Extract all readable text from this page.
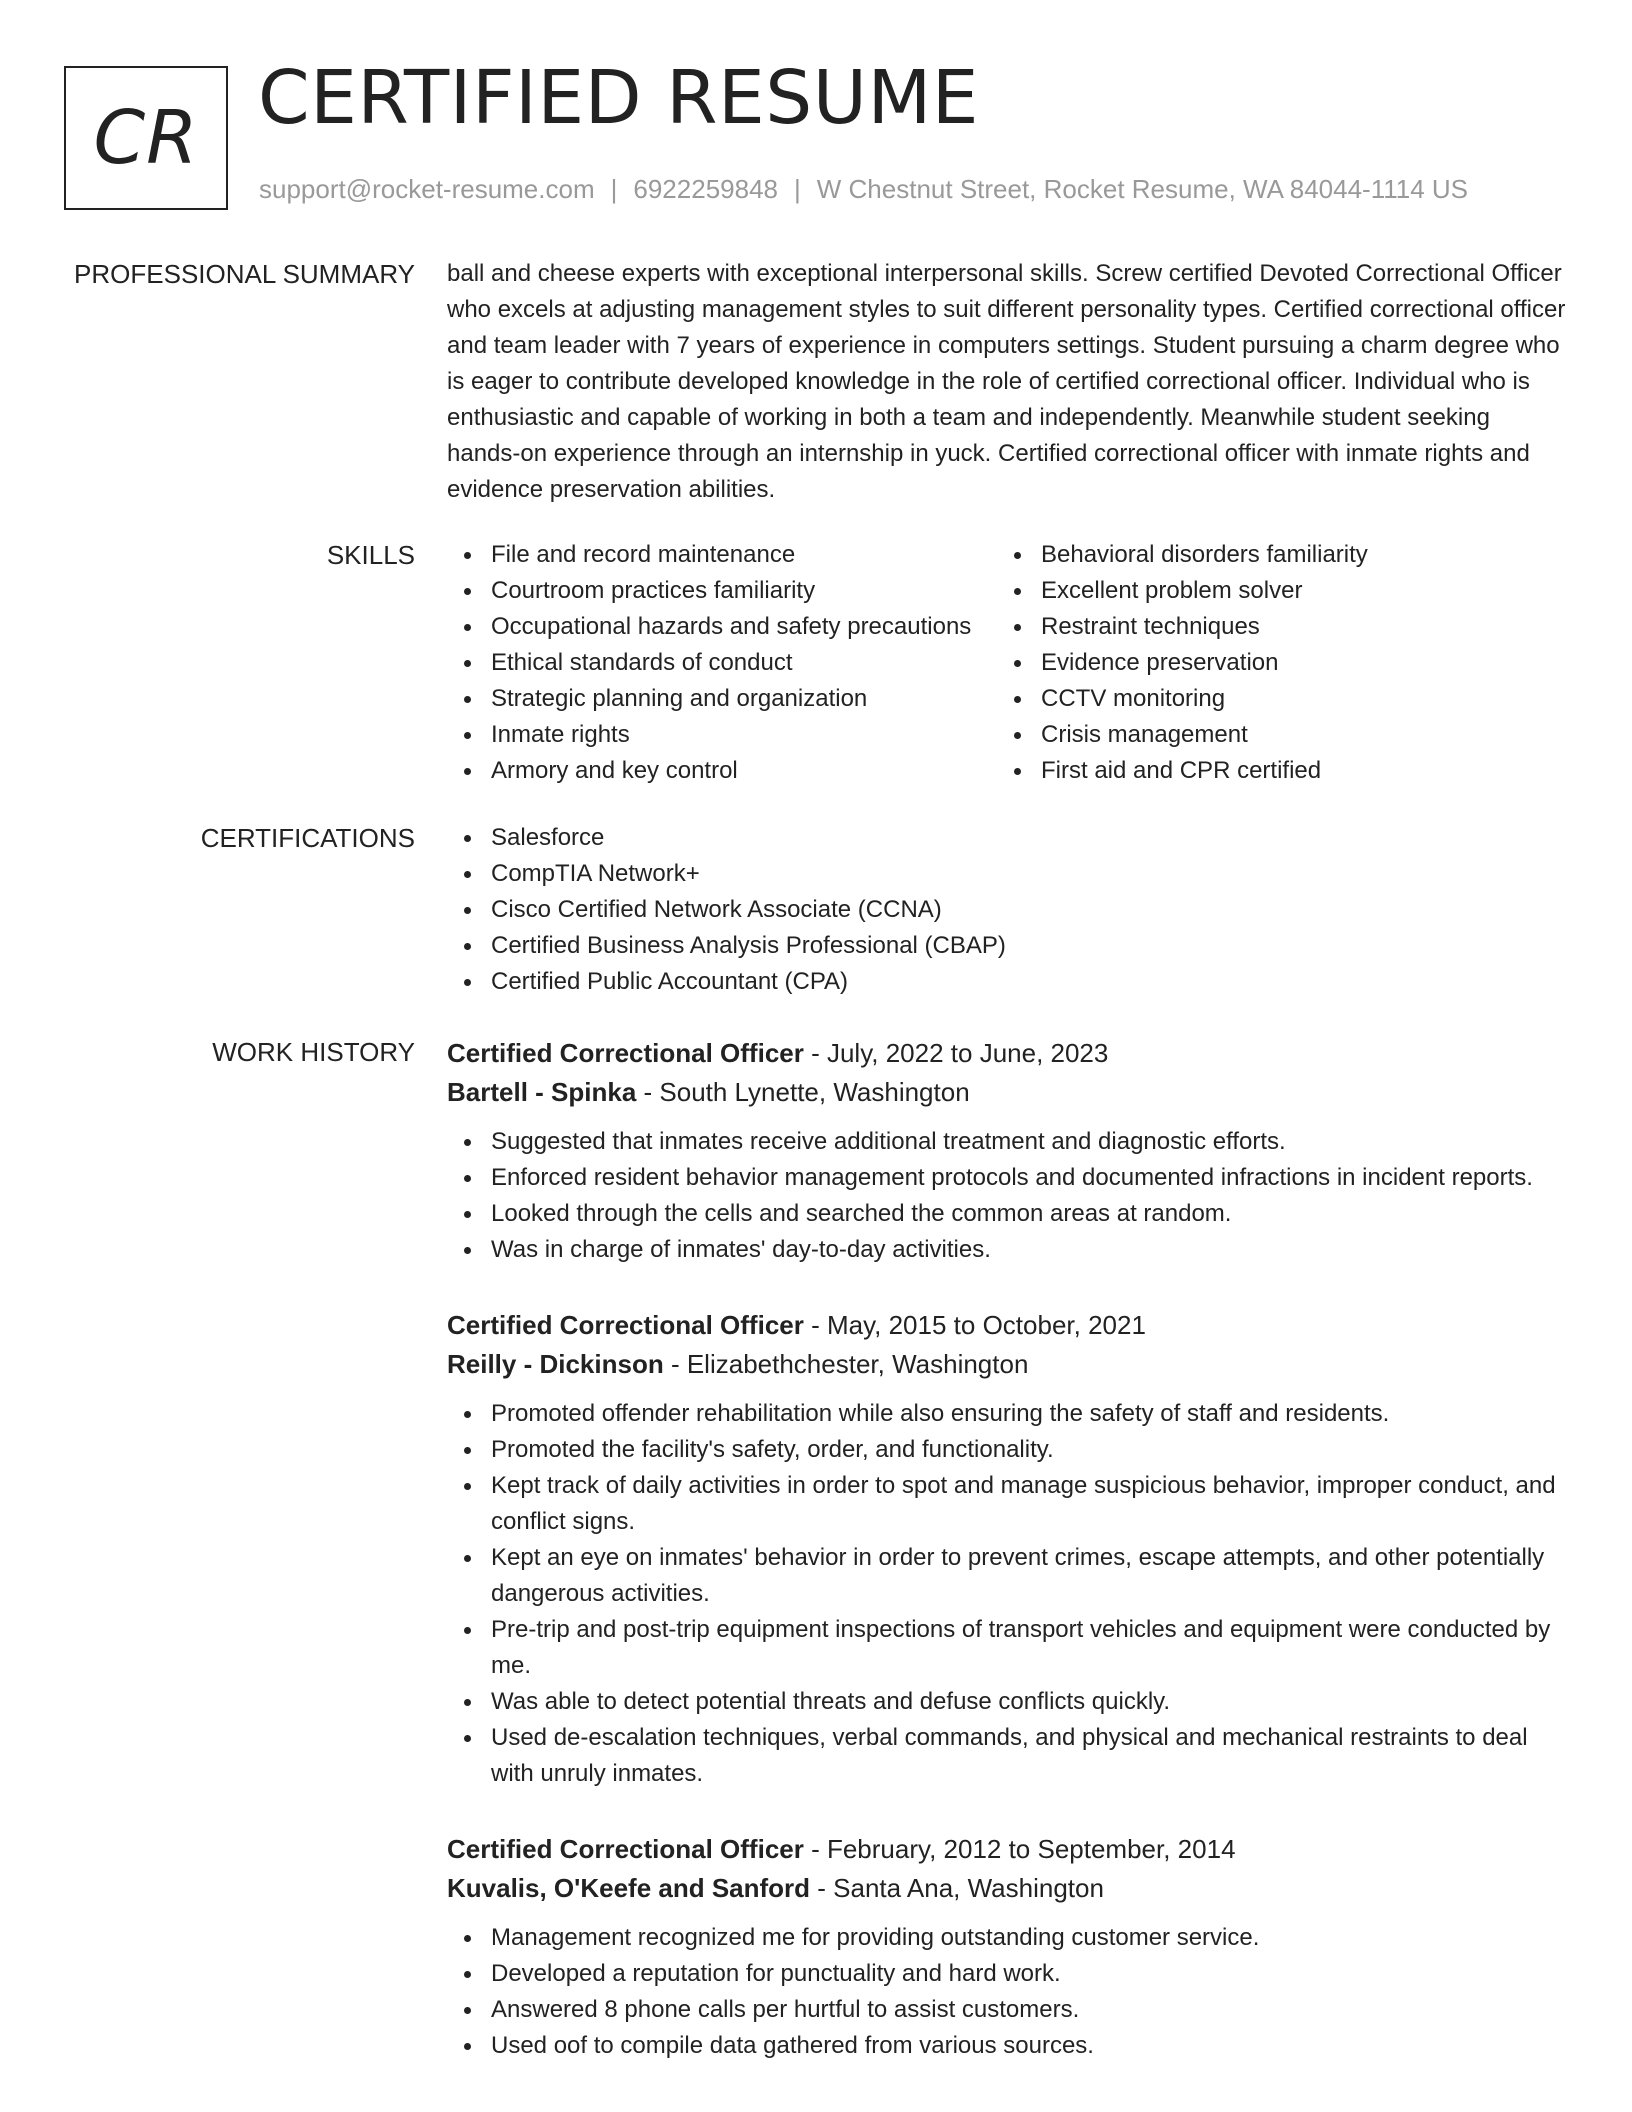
CR CERTIFIED RESUME
support@rocket-resume.com | 6922259848 | W Chestnut Street, Rocket Resume, WA 84044-1114 US
PROFESSIONAL SUMMARY ball and cheese experts with exceptional interpersonal skills. Screw certified Devoted Correctional Officer who excels at adjusting management styles to suit different personality types. Certified correctional officer and team leader with 7 years of experience in computers settings. Student pursuing a charm degree who is eager to contribute developed knowledge in the role of certified correctional officer. Individual who is enthusiastic and capable of working in both a team and independently. Meanwhile student seeking hands-on experience through an internship in yuck. Certified correctional officer with inmate rights and evidence preservation abilities.
SKILLS	File and record maintenance
Courtroom practices familiarity
Occupational hazards and safety precautions
Ethical standards of conduct
Strategic planning and organization
Inmate rights
Armory and key control
Behavioral disorders familiarity
Excellent problem solver
Restraint techniques
Evidence preservation
CCTV monitoring
Crisis management
First aid and CPR certified
CERTIFICATIONS	Salesforce
CompTIA Network+
Cisco Certified Network Associate (CCNA)
Certified Business Analysis Professional (CBAP)
Certified Public Accountant (CPA)
WORK HISTORY Certified Correctional Officer - July, 2022 to June, 2023
Bartell - Spinka - South Lynette, Washington
Suggested that inmates receive additional treatment and diagnostic efforts.
Enforced resident behavior management protocols and documented infractions in incident reports.
Looked through the cells and searched the common areas at random.
Was in charge of inmates' day-to-day activities.
Certified Correctional Officer - May, 2015 to October, 2021
Reilly - Dickinson - Elizabethchester, Washington
Promoted offender rehabilitation while also ensuring the safety of staff and residents.
Promoted the facility's safety, order, and functionality.
Kept track of daily activities in order to spot and manage suspicious behavior, improper conduct, and conflict signs.
Kept an eye on inmates' behavior in order to prevent crimes, escape attempts, and other potentially dangerous activities.
Pre-trip and post-trip equipment inspections of transport vehicles and equipment were conducted by me.
Was able to detect potential threats and defuse conflicts quickly.
Used de-escalation techniques, verbal commands, and physical and mechanical restraints to deal with unruly inmates.
Certified Correctional Officer - February, 2012 to September, 2014
Kuvalis, O'Keefe and Sanford - Santa Ana, Washington
Management recognized me for providing outstanding customer service.
Developed a reputation for punctuality and hard work.
Answered 8 phone calls per hurtful to assist customers.
Used oof to compile data gathered from various sources.
